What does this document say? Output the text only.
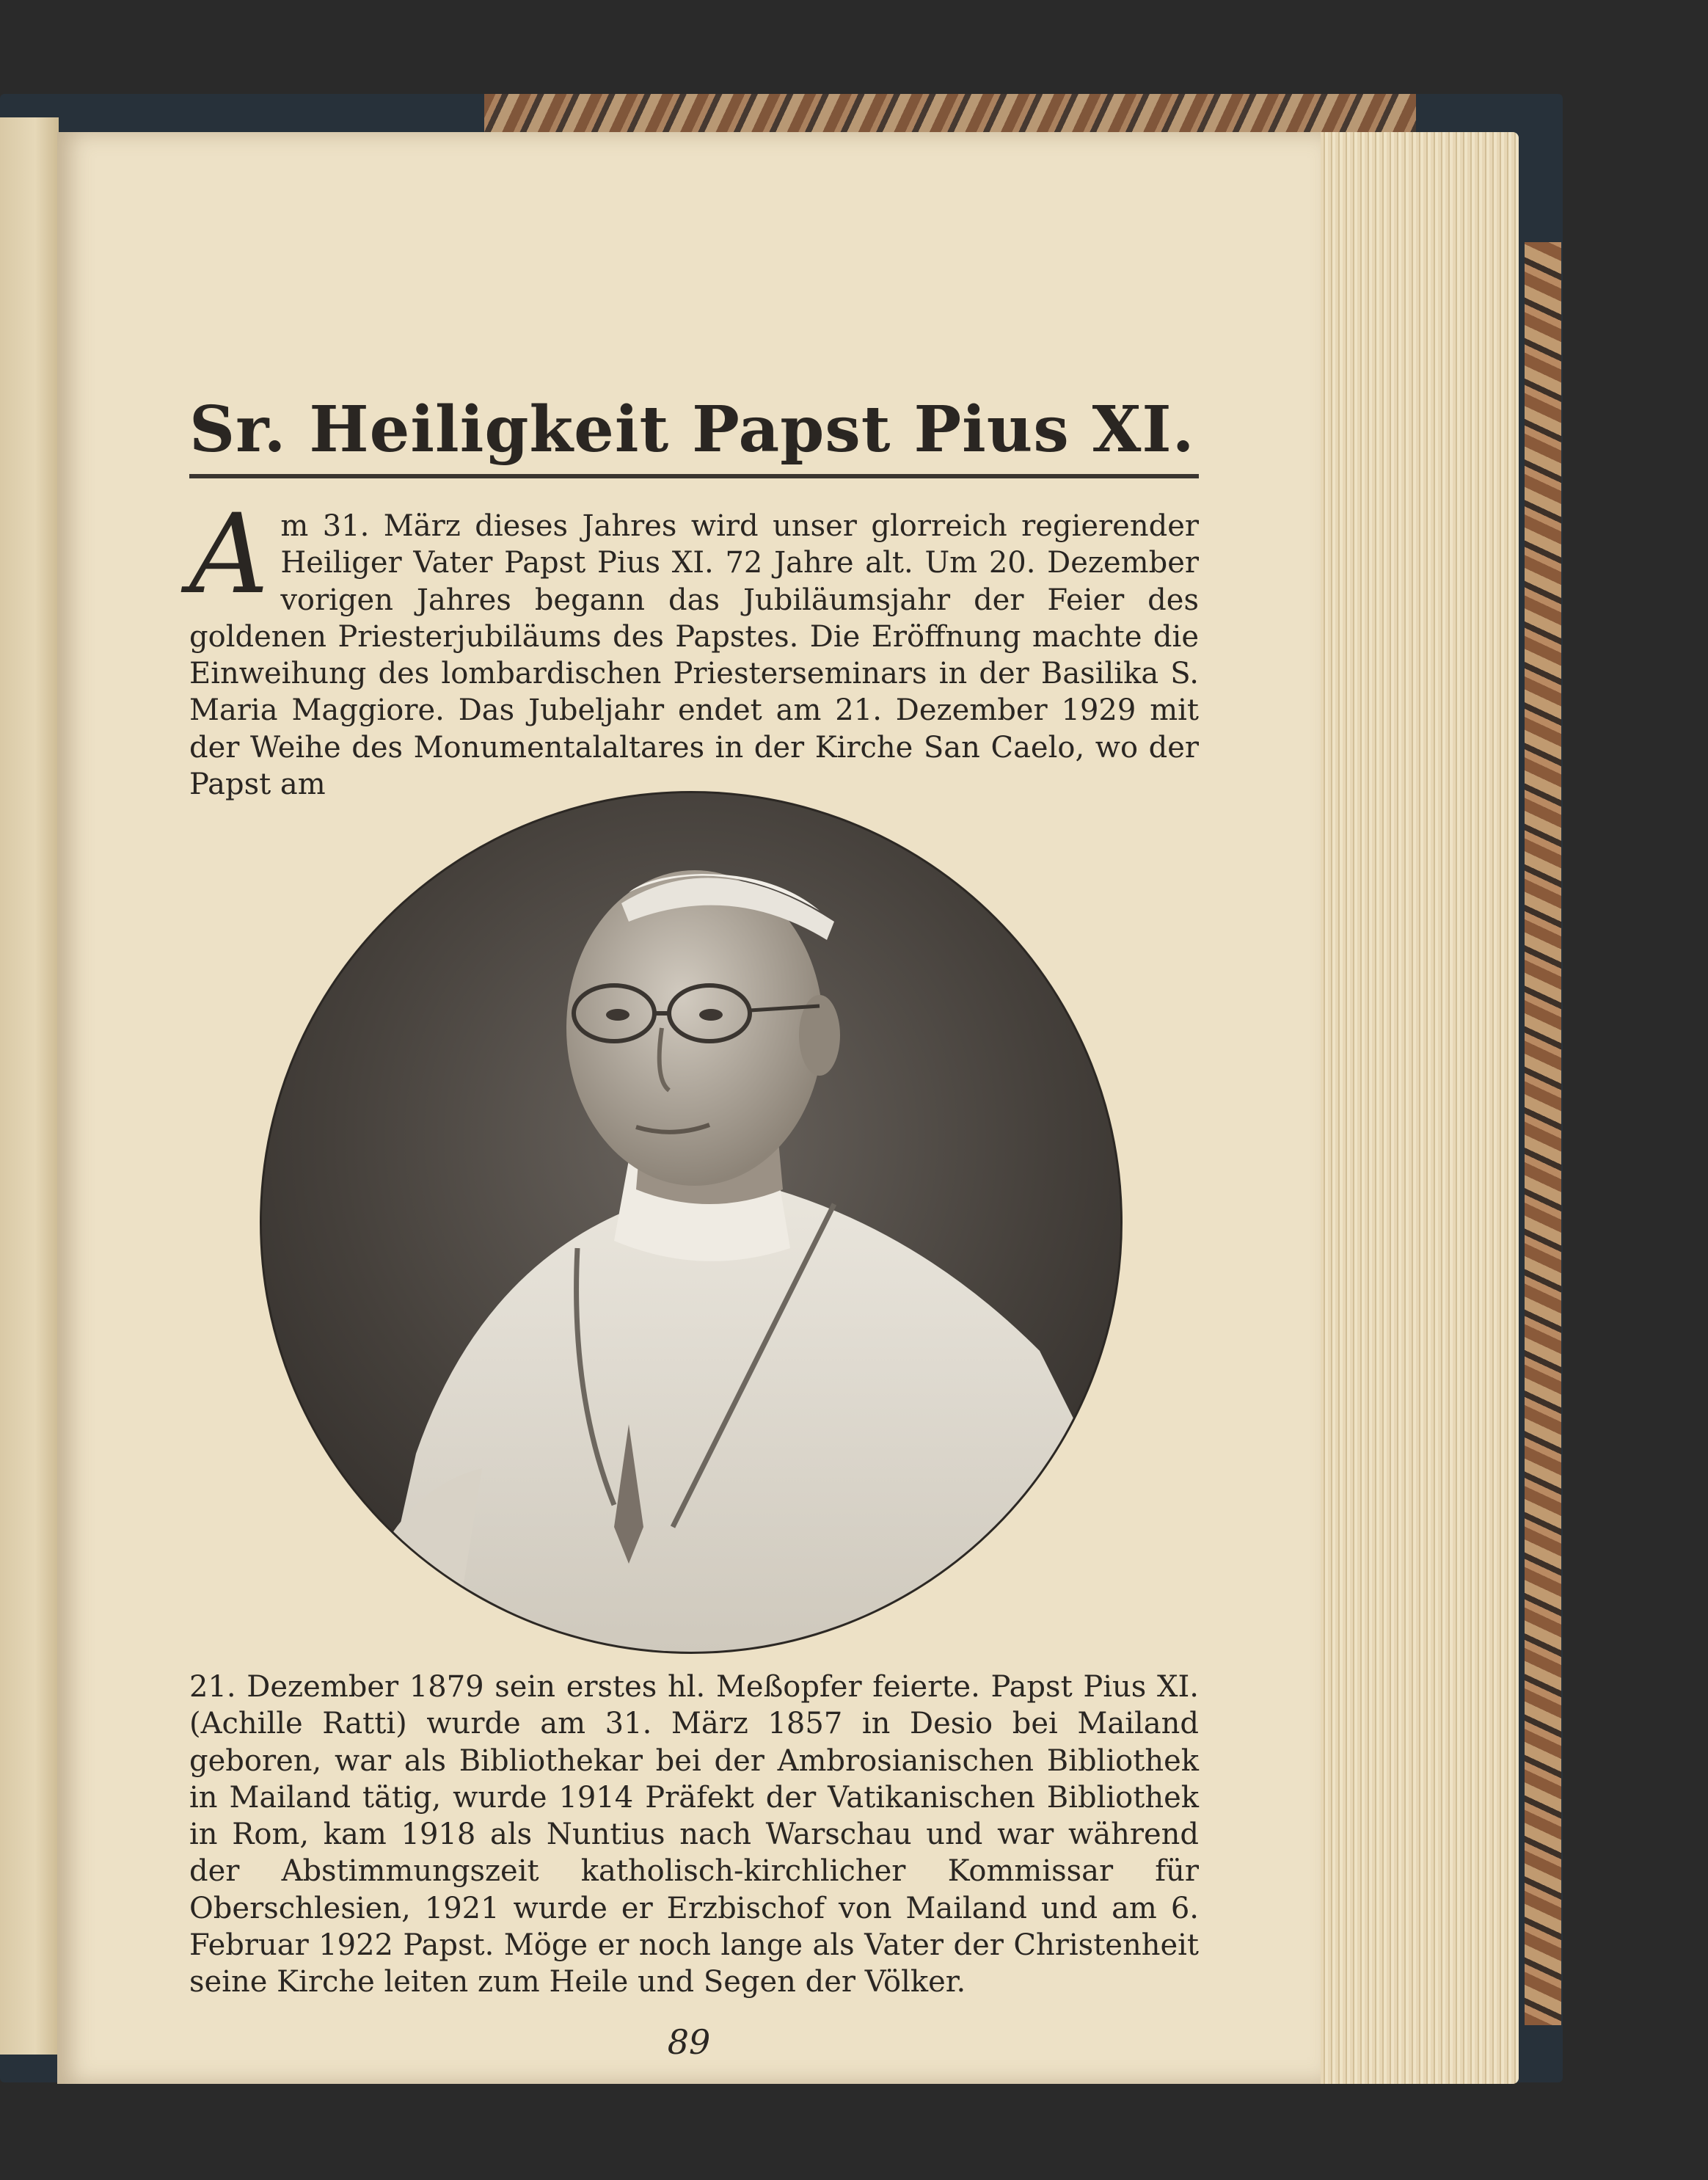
Sr. Heiligkeit Papst Pius XI.
A m 31. März dieses Jahres wird unser glorreich regierender Heiliger Vater Papst Pius XI. 72 Jahre alt. Um 20. Dezember vorigen Jahres begann das Jubiläumsjahr der Feier des goldenen Priesterjubiläums des Papstes. Die Eröffnung machte die Einweihung des lombardischen Priesterseminars in der Basilika S. Maria Maggiore. Das Jubeljahr endet am 21. Dezember 1929 mit der Weihe des Monumentalaltares in der Kirche San Caelo, wo der Papst am
21. Dezember 1879 sein erstes hl. Meßopfer feierte. Papst Pius XI. (Achille Ratti) wurde am 31. März 1857 in Desio bei Mailand geboren, war als Bibliothekar bei der Ambrosianischen Bibliothek in Mailand tätig, wurde 1914 Präfekt der Vatikanischen Bibliothek in Rom, kam 1918 als Nuntius nach Warschau und war während der Abstimmungszeit katholisch-kirchlicher Kommissar für Oberschlesien, 1921 wurde er Erzbischof von Mailand und am 6. Februar 1922 Papst. Möge er noch lange als Vater der Christenheit seine Kirche leiten zum Heile und Segen der Völker.
89
